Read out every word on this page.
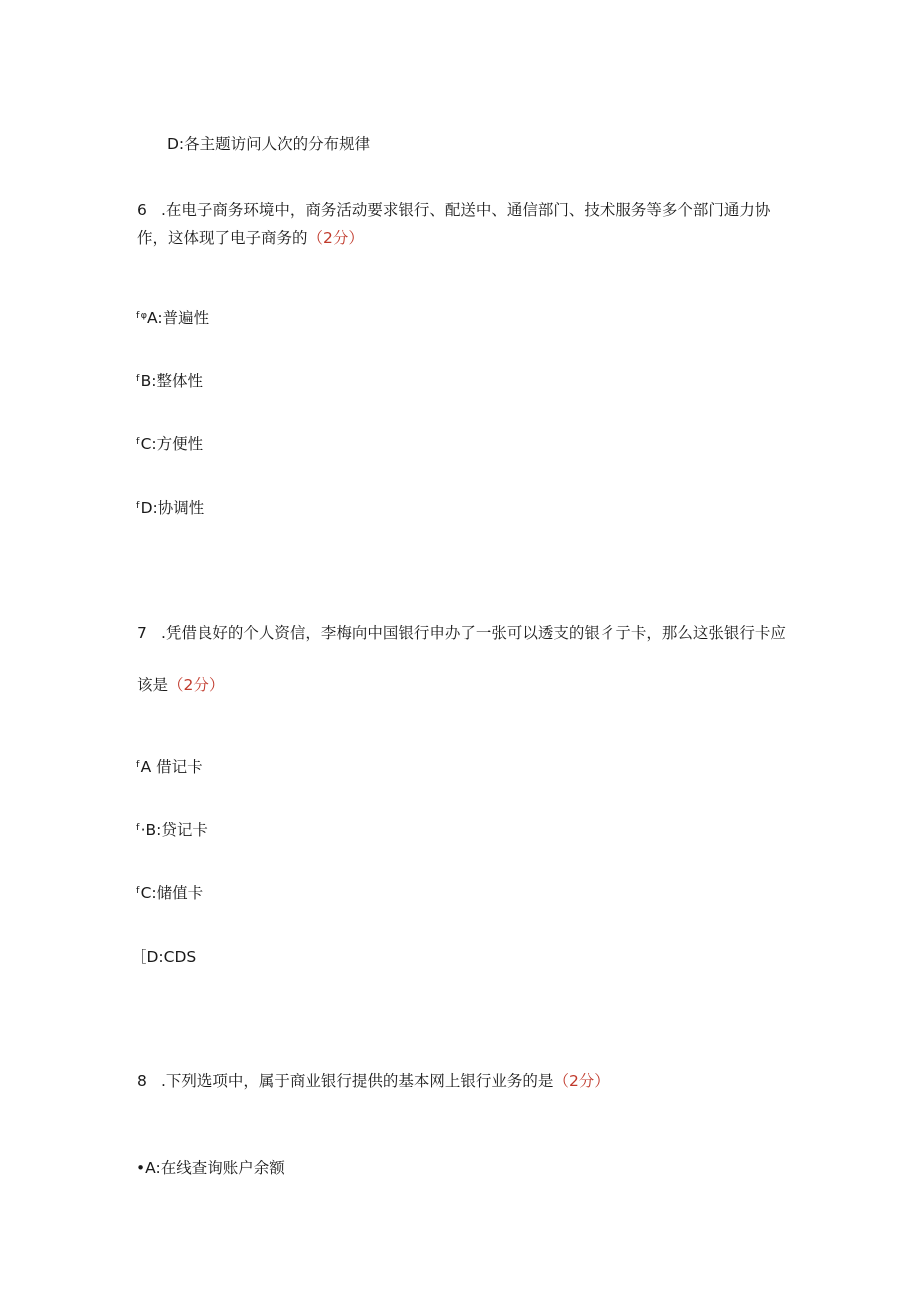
D:各主题访问人次的分布规律
6 .在电子商务环境中，商务活动要求银行、配送中、通信部门、技术服务等多个部门通力协
作，这体现了电子商务的（2分）
ᶠᵠA:普遍性
ᶠB:整体性
ᶠC:方便性
ᶠD:协调性
7 .凭借良好的个人资信，李梅向中国银行申办了一张可以透支的银彳亍卡，那么这张银行卡应
该是（2分）
ᶠA 借记卡
ᶠ·B:贷记卡
ᶠC:储值卡
［D:CDS
8 .下列选项中，属于商业银行提供的基本网上银行业务的是（2分）
•A:在线查询账户余额
